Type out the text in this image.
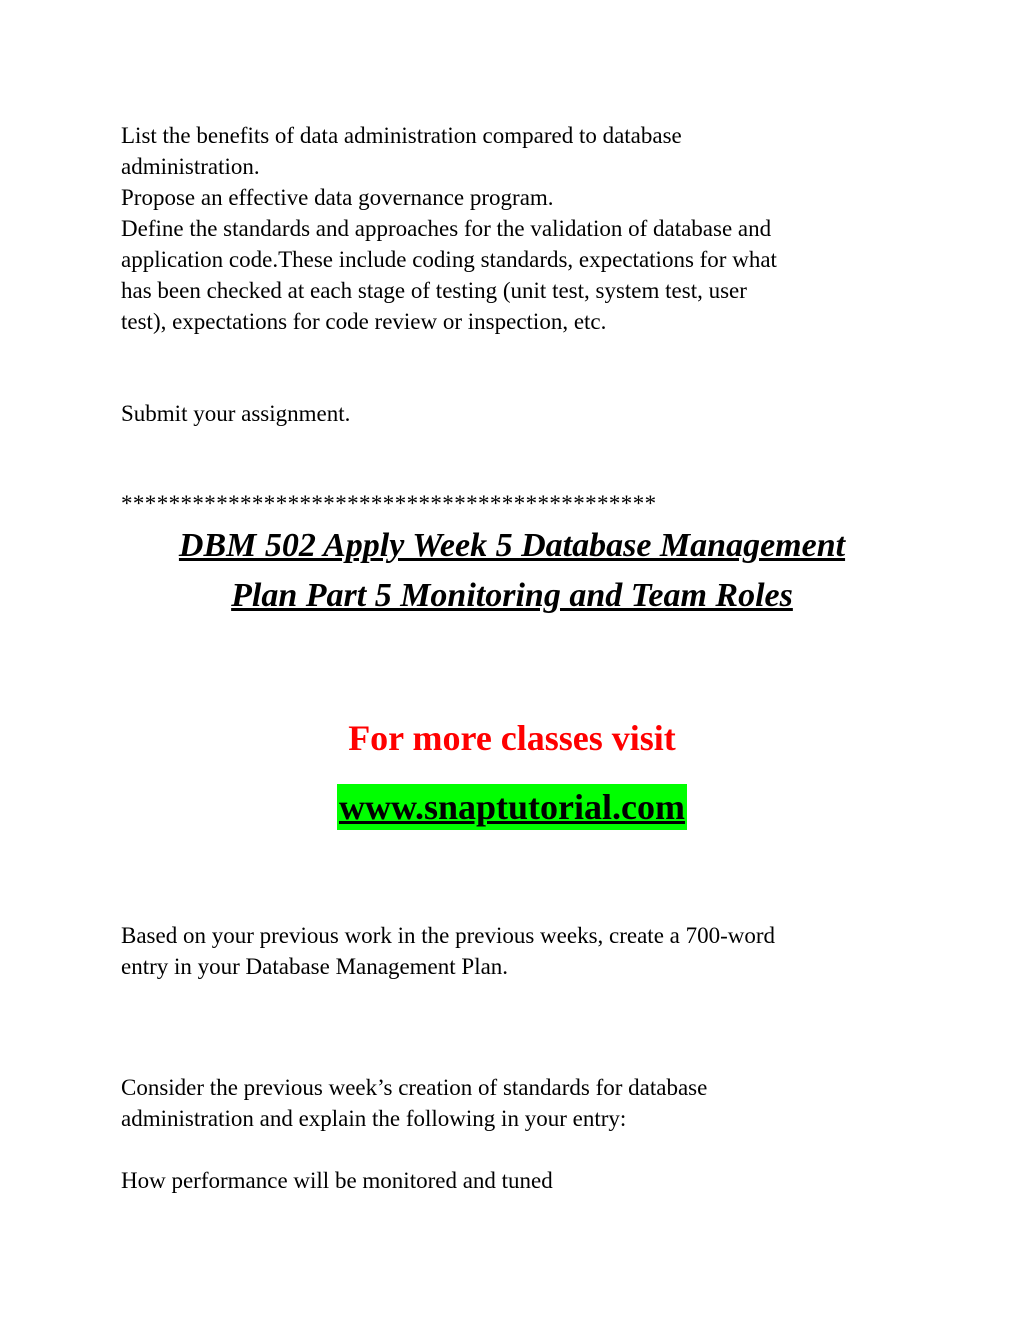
List the benefits of data administration compared to database
administration.
Propose an effective data governance program.
Define the standards and approaches for the validation of database and
application code.These include coding standards, expectations for what
has been checked at each stage of testing (unit test, system test, user
test), expectations for code review or inspection, etc.
Submit your assignment.
*********************************************
DBM 502 Apply Week 5 Database Management
Plan Part 5 Monitoring and Team Roles
For more classes visit
www.snaptutorial.com
Based on your previous work in the previous weeks, create a 700-word
entry in your Database Management Plan.
Consider the previous week’s creation of standards for database
administration and explain the following in your entry:
How performance will be monitored and tuned
